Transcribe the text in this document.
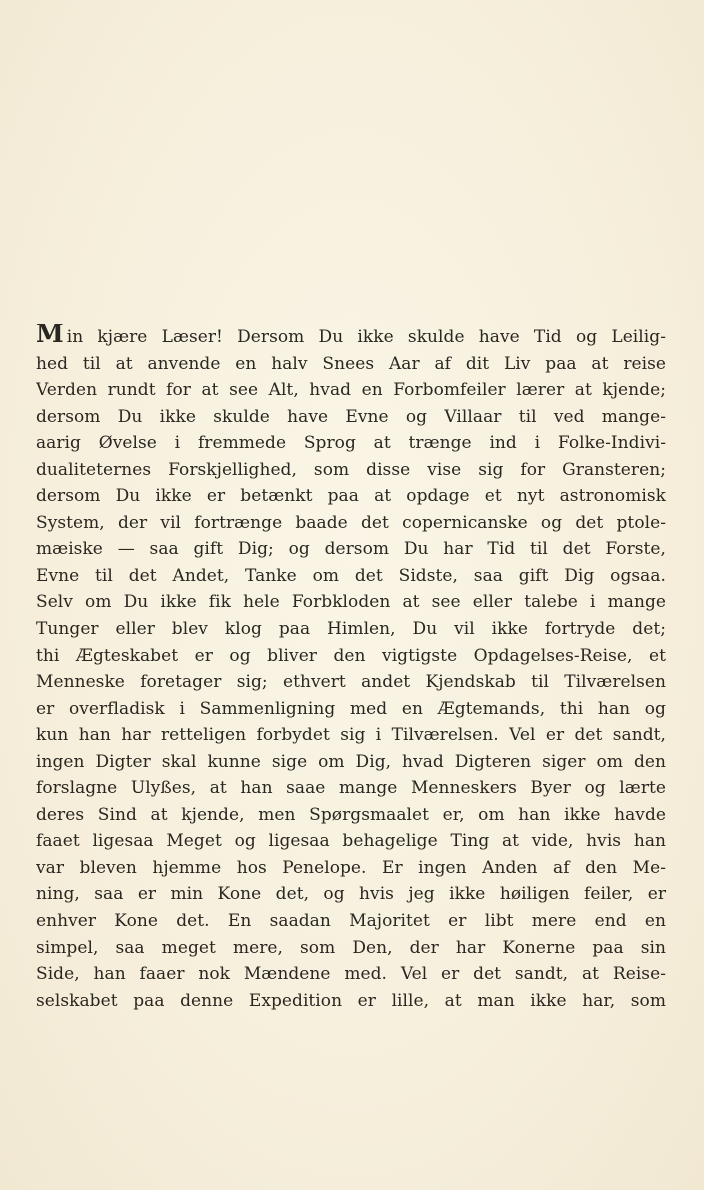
M in kjære Læser! Dersom Du ikke skulde have Tid og Leilig-
hed til at anvende en halv Snees Aar af dit Liv paa at reise
Verden rundt for at see Alt, hvad en Forbomfeiler lærer at kjende;
dersom Du ikke skulde have Evne og Villaar til ved mange-
aarig Øvelse i fremmede Sprog at trænge ind i Folke-Indivi-
dualiteternes Forskjellighed, som disse vise sig for Gransteren;
dersom Du ikke er betænkt paa at opdage et nyt astronomisk
System, der vil fortrænge baade det copernicanske og det ptole-
mæiske — saa gift Dig; og dersom Du har Tid til det Forste,
Evne til det Andet, Tanke om det Sidste, saa gift Dig ogsaa.
Selv om Du ikke fik hele Forbkloden at see eller talebe i mange
Tunger eller blev klog paa Himlen, Du vil ikke fortryde det;
thi Ægteskabet er og bliver den vigtigste Opdagelses-Reise, et
Menneske foretager sig; ethvert andet Kjendskab til Tilværelsen
er overfladisk i Sammenligning med en Ægtemands, thi han og
kun han har retteligen forbydet sig i Tilværelsen. Vel er det sandt,
ingen Digter skal kunne sige om Dig, hvad Digteren siger om den
forslagne Ulyßes, at han saae mange Menneskers Byer og lærte
deres Sind at kjende, men Spørgsmaalet er, om han ikke havde
faaet ligesaa Meget og ligesaa behagelige Ting at vide, hvis han
var bleven hjemme hos Penelope. Er ingen Anden af den Me-
ning, saa er min Kone det, og hvis jeg ikke høiligen feiler, er
enhver Kone det. En saadan Majoritet er libt mere end en
simpel, saa meget mere, som Den, der har Konerne paa sin
Side, han faaer nok Mændene med. Vel er det sandt, at Reise-
selskabet paa denne Expedition er lille, at man ikke har, som
